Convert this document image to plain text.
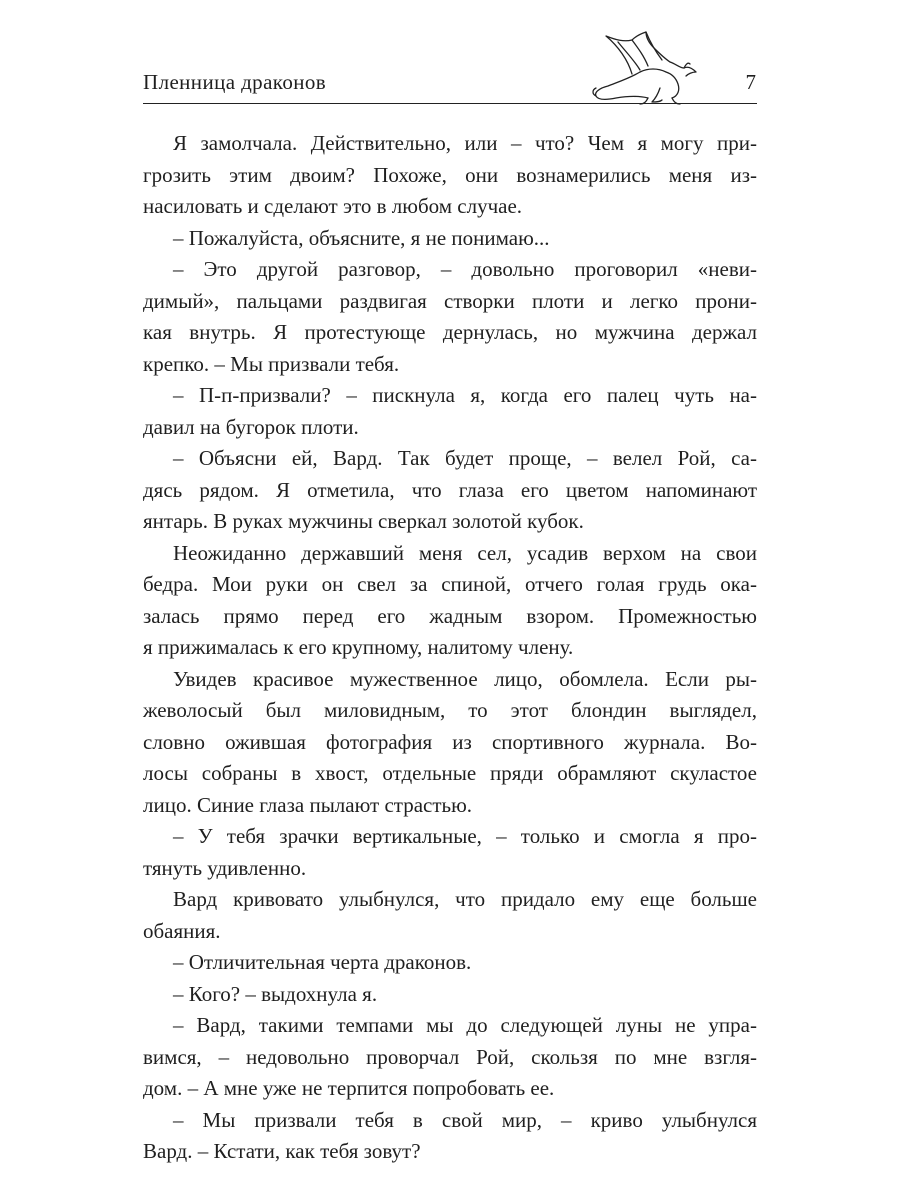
Пленница драконов	7
Я замолчала. Действительно, или – что? Чем я могу при-
грозить этим двоим? Похоже, они вознамерились меня из-
насиловать и сделают это в любом случае.
– Пожалуйста, объясните, я не понимаю...
– Это другой разговор, – довольно проговорил «неви-
димый», пальцами раздвигая створки плоти и легко прони-
кая внутрь. Я протестующе дернулась, но мужчина держал
крепко. – Мы призвали тебя.
– П-п-призвали? – пискнула я, когда его палец чуть на-
давил на бугорок плоти.
– Объясни ей, Вард. Так будет проще, – велел Рой, са-
дясь рядом. Я отметила, что глаза его цветом напоминают
янтарь. В руках мужчины сверкал золотой кубок.
Неожиданно державший меня сел, усадив верхом на свои
бедра. Мои руки он свел за спиной, отчего голая грудь ока-
залась прямо перед его жадным взором. Промежностью
я прижималась к его крупному, налитому члену.
Увидев красивое мужественное лицо, обомлела. Если ры-
жеволосый был миловидным, то этот блондин выглядел,
словно ожившая фотография из спортивного журнала. Во-
лосы собраны в хвост, отдельные пряди обрамляют скуластое
лицо. Синие глаза пылают страстью.
– У тебя зрачки вертикальные, – только и смогла я про-
тянуть удивленно.
Вард кривовато улыбнулся, что придало ему еще больше
обаяния.
– Отличительная черта драконов.
– Кого? – выдохнула я.
– Вард, такими темпами мы до следующей луны не упра-
вимся, – недовольно проворчал Рой, скользя по мне взгля-
дом. – А мне уже не терпится попробовать ее.
– Мы призвали тебя в свой мир, – криво улыбнулся
Вард. – Кстати, как тебя зовут?
